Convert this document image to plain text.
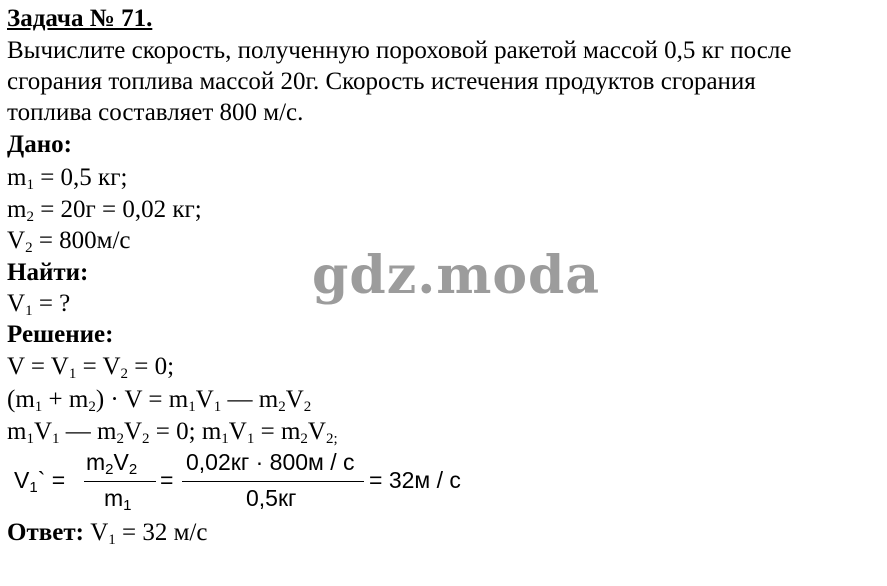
Задача № 71.
Вычислите скорость, полученную пороховой ракетой массой 0,5 кг после
сгорания топлива массой 20г. Скорость истечения продуктов сгорания
топлива составляет 800 м/с.
Дано:
$m_1 = 0,5$ кг;
$m_2 = 20г = 0,02$ кг;
$V_2 = 800м/с$
Найти:
$V_1$ = ?
Решение:
$V = V_1 = V_2 = 0$;
$(m_1 + m_2) \cdot V = m_1V_1$ — $m_2V_2$
$m_1V_1$ — $m_2V_2 = 0$; $m_1V_1 = m_2V_{2;}$
$V_1`$ =
$m_2V_2$
$m_1$
=
0,02кг · 800м / с
0,5кг
= 32м / с
Ответ: $V_1 = 32$ м/с
gdz.moda
